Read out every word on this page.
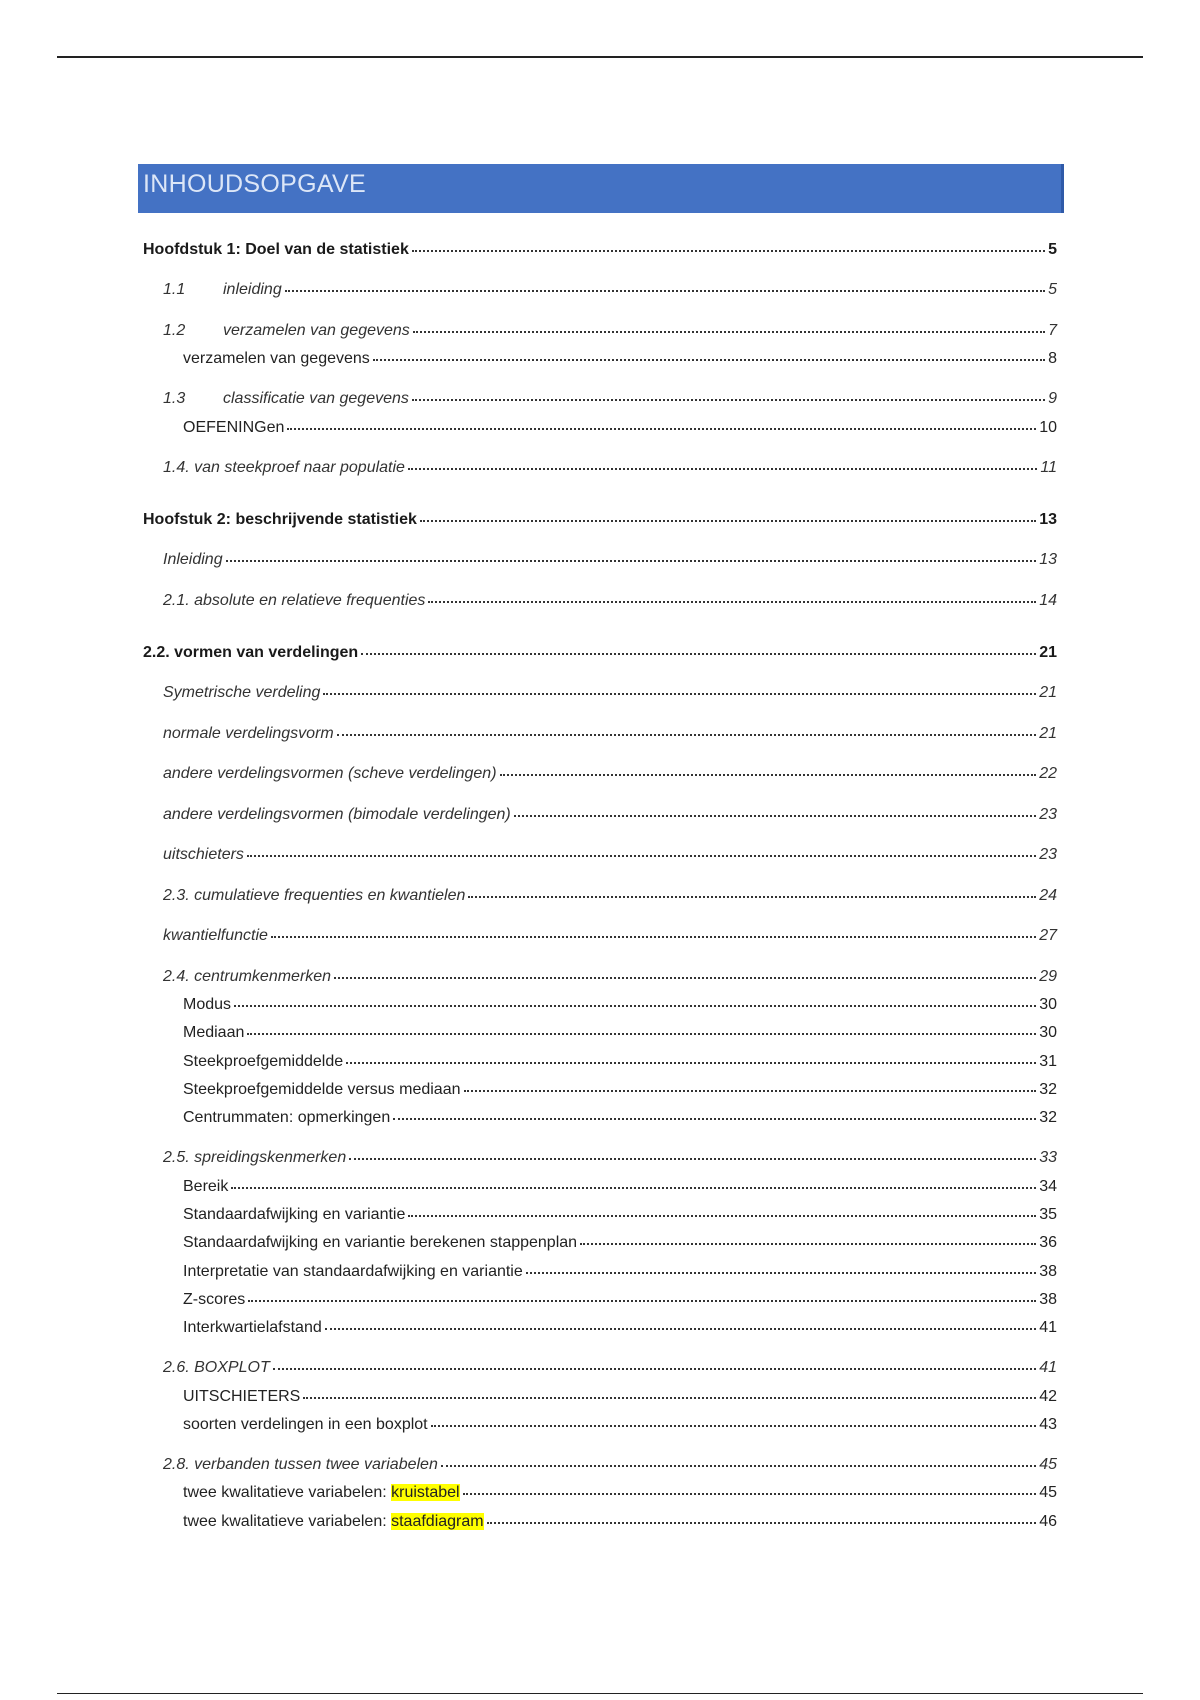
INHOUDSOPGAVE
Hoofdstuk 1: Doel van de statistiek	5
1.1 inleiding	5
1.2 verzamelen van gegevens	7
verzamelen van gegevens	8
1.3 classificatie van gegevens	9
OEFENINGen	10
1.4. van steekproef naar populatie	11
Hoofstuk 2: beschrijvende statistiek	13
Inleiding	13
2.1. absolute en relatieve frequenties	14
2.2. vormen van verdelingen	21
Symetrische verdeling	21
normale verdelingsvorm	21
andere verdelingsvormen (scheve verdelingen)	22
andere verdelingsvormen (bimodale verdelingen)	23
uitschieters	23
2.3. cumulatieve frequenties en kwantielen	24
kwantielfunctie	27
2.4. centrumkenmerken	29
Modus	30
Mediaan	30
Steekproefgemiddelde	31
Steekproefgemiddelde versus mediaan	32
Centrummaten: opmerkingen	32
2.5. spreidingskenmerken	33
Bereik	34
Standaardafwijking en variantie	35
Standaardafwijking en variantie berekenen stappenplan	36
Interpretatie van standaardafwijking en variantie	38
Z-scores	38
Interkwartielafstand	41
2.6. BOXPLOT	41
UITSCHIETERS	42
soorten verdelingen in een boxplot	43
2.8. verbanden tussen twee variabelen	45
twee kwalitatieve variabelen: kruistabel	45
twee kwalitatieve variabelen: staafdiagram	46
